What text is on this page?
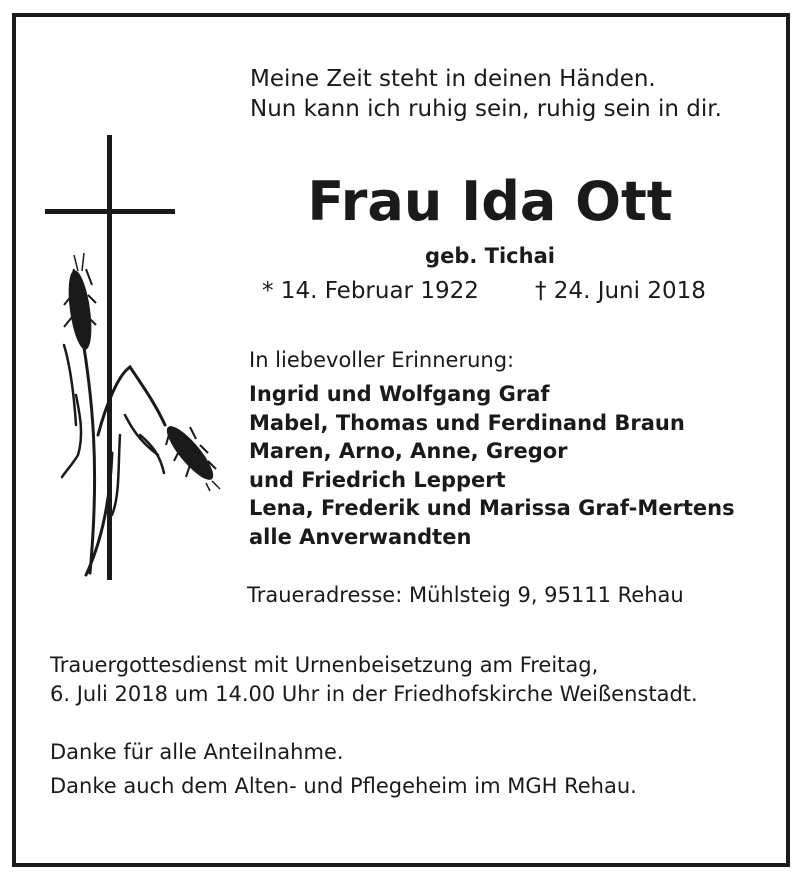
Meine Zeit steht in deinen Händen.
Nun kann ich ruhig sein, ruhig sein in dir.

Frau Ida Ott

geb. Tichai

* 14. Februar 1922 † 24. Juni 2018

In liebevoller Erinnerung:

Ingrid und Wolfgang Graf
Mabel, Thomas und Ferdinand Braun
Maren, Arno, Anne, Gregor
und Friedrich Leppert
Lena, Frederik und Marissa Graf-Mertens
alle Anverwandten

Traueradresse: Mühlsteig 9, 95111 Rehau

Trauergottesdienst mit Urnenbeisetzung am Freitag,
6. Juli 2018 um 14.00 Uhr in der Friedhofskirche Weißenstadt.

Danke für alle Anteilnahme.

Danke auch dem Alten- und Pflegeheim im MGH Rehau.
